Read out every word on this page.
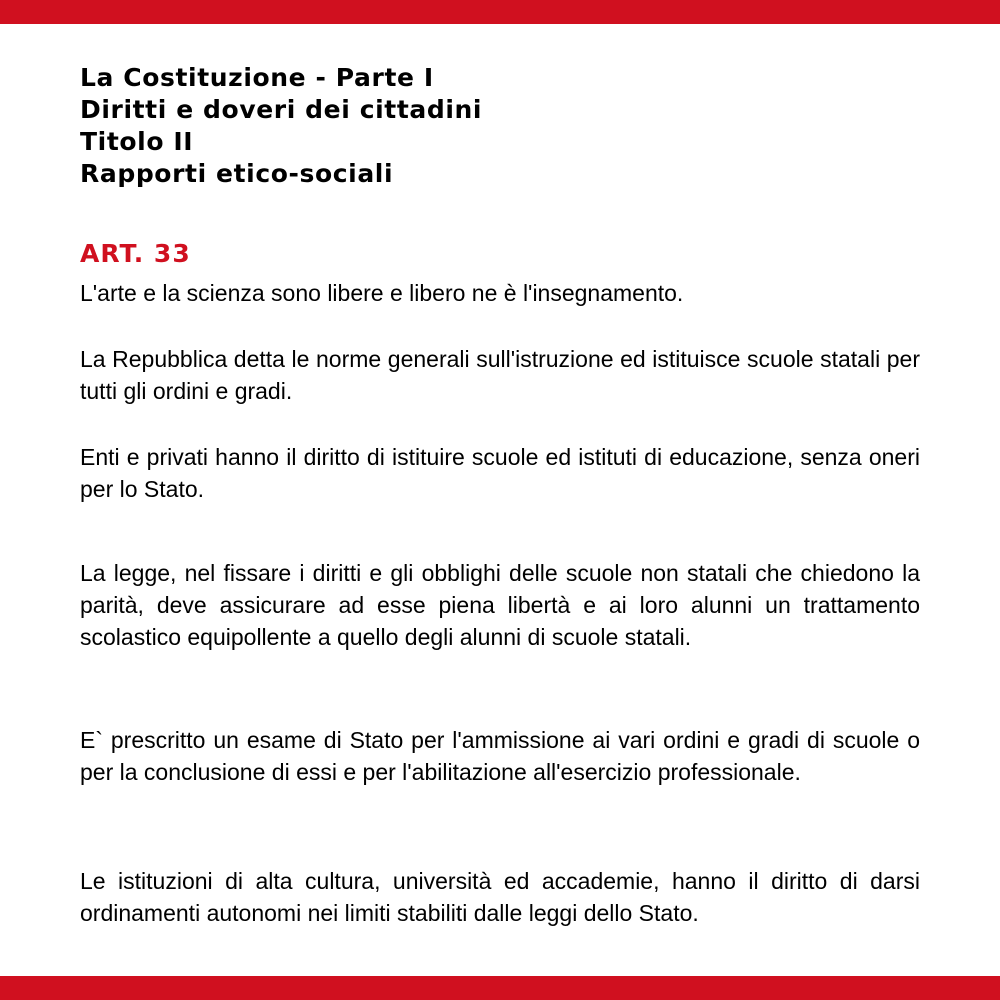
La Costituzione - Parte I
Diritti e doveri dei cittadini
Titolo II
Rapporti etico-sociali
ART. 33

L'arte e la scienza sono libere e libero ne è l'insegnamento.

La Repubblica detta le norme generali sull'istruzione ed istituisce scuole statali per tutti gli ordini e gradi.

Enti e privati hanno il diritto di istituire scuole ed istituti di educazione, senza oneri per lo Stato.

La legge, nel fissare i diritti e gli obblighi delle scuole non statali che chiedono la parità, deve assicurare ad esse piena libertà e ai loro alunni un trattamento scolastico equipollente a quello degli alunni di scuole statali.

E` prescritto un esame di Stato per l'ammissione ai vari ordini e gradi di scuole o per la conclusione di essi e per l'abilitazione all'esercizio professionale.

Le istituzioni di alta cultura, università ed accademie, hanno il diritto di darsi ordinamenti autonomi nei limiti stabiliti dalle leggi dello Stato.
